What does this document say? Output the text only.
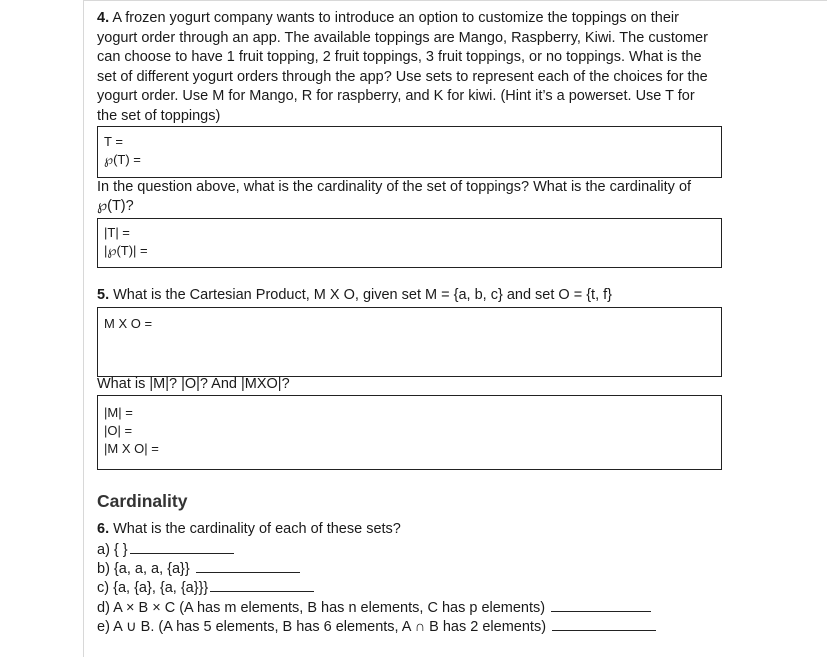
4. A frozen yogurt company wants to introduce an option to customize the toppings on their
yogurt order through an app. The available toppings are Mango, Raspberry, Kiwi. The customer
can choose to have 1 fruit topping, 2 fruit toppings, 3 fruit toppings, or no toppings. What is the
set of different yogurt orders through the app? Use sets to represent each of the choices for the
yogurt order. Use M for Mango, R for raspberry, and K for kiwi. (Hint it’s a powerset. Use T for
the set of toppings)
T =
℘(T) =
In the question above, what is the cardinality of the set of toppings? What is the cardinality of
℘(T)?
|T| =
|℘(T)| =
5. What is the Cartesian Product, M X O, given set M = {a, b, c} and set O = {t, f}
M X O =
What is |M|? |O|? And |MXO|?
|M| =
|O| =
|M X O| =
Cardinality
6. What is the cardinality of each of these sets?
a) { }
b) {a, a, a, {a}}
c) {a, {a}, {a, {a}}}
d) A × B × C (A has m elements, B has n elements, C has p elements)
e) A ∪ B. (A has 5 elements, B has 6 elements, A ∩ B has 2 elements)
